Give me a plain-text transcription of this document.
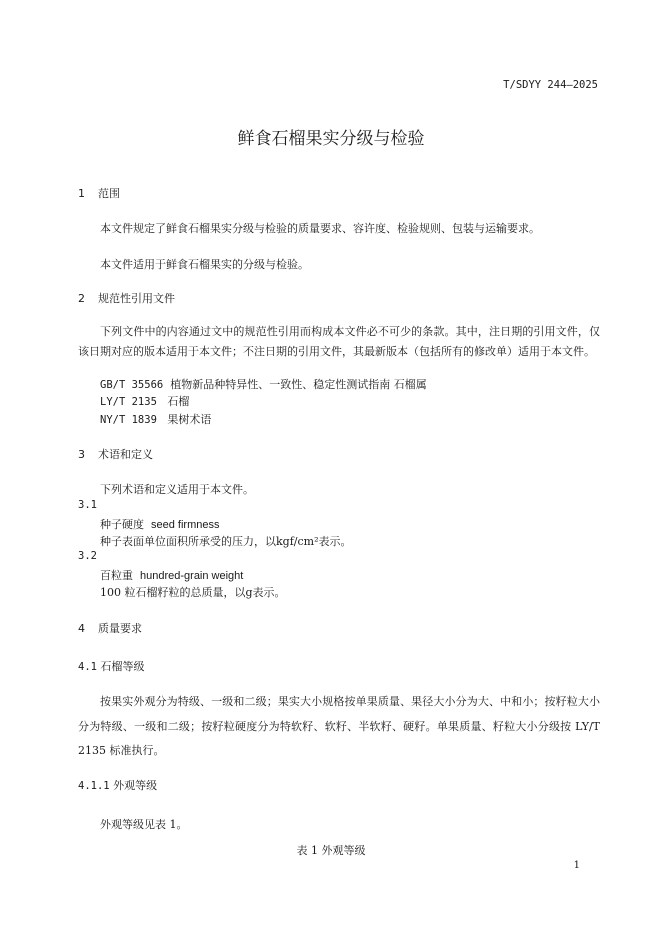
T/SDYY 244—2025
鲜食石榴果实分级与检验
1 范围
本文件规定了鲜食石榴果实分级与检验的质量要求、容许度、检验规则、包装与运输要求。
本文件适用于鲜食石榴果实的分级与检验。
2 规范性引用文件
下列文件中的内容通过文中的规范性引用而构成本文件必不可少的条款。其中，注日期的引用文件，仅该日期对应的版本适用于本文件；不注日期的引用文件，其最新版本（包括所有的修改单）适用于本文件。
GB/T 35566 植物新品种特异性、一致性、稳定性测试指南 石榴属
LY/T 2135 石榴
NY/T 1839 果树术语
3 术语和定义
下列术语和定义适用于本文件。
3.1
种子硬度 seed firmness
种子表面单位面积所承受的压力，以kgf/cm²表示。
3.2
百粒重 hundred-grain weight
100 粒石榴籽粒的总质量，以g表示。
4 质量要求
4.1 石榴等级
按果实外观分为特级、一级和二级；果实大小规格按单果质量、果径大小分为大、中和小；按籽粒大小分为特级、一级和二级；按籽粒硬度分为特软籽、软籽、半软籽、硬籽。单果质量、籽粒大小分级按 LY/T 2135 标准执行。
4.1.1 外观等级
外观等级见表 1。
表 1 外观等级
1
